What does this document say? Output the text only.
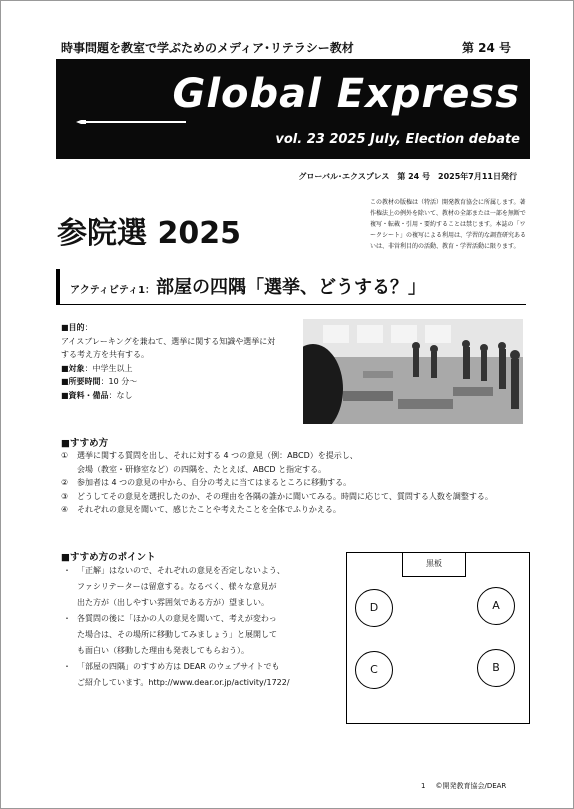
時事問題を教室で学ぶためのメディア･リテラシー教材	第 24 号
Global Express
vol. 23 2025 July, Election debate
グローバル･エクスプレス　第 24 号　2025年7月11日発行
参院選 2025
この教材の版権は（特活）開発教育協会に所属します。著作権法上の例外を除いて、教材の全部または一部を無断で複写・転載・引用・要約することは禁じます。本誌の「ワークシート」の複写による利用は、学習的な調査研究あるいは、非営利目的の活動、教育・学習活動に限ります。
アクティビティ1： 部屋の四隅「選挙、どうする？」
■目的：
アイスブレーキングを兼ねて、選挙に関する知識や選挙に対
する考え方を共有する。
■対象：中学生以上
■所要時間：10 分～
■資料・備品：なし
■すすめ方
① 選挙に関する質問を出し、それに対する 4 つの意見（例：ABCD）を提示し、
会場（教室・研修室など）の四隅を、たとえば、ABCD と指定する。
② 参加者は 4 つの意見の中から、自分の考えに当てはまるところに移動する。
③ どうしてその意見を選択したのか、その理由を各隅の誰かに聞いてみる。時間に応じて、質問する人数を調整する。
④ それぞれの意見を聞いて、感じたことや考えたことを全体でふりかえる。
■すすめ方のポイント
・ 「正解」はないので、それぞれの意見を否定しないよう、
ファシリテーターは留意する。なるべく、様々な意見が
出た方が（出しやすい雰囲気である方が）望ましい。
・ 各質問の後に「ほかの人の意見を聞いて、考えが変わっ
た場合は、その場所に移動してみましょう」と展開して
も面白い（移動した理由も発表してもらおう）。
・ 「部屋の四隅」のすすめ方は DEAR のウェブサイトでも
ご紹介しています。http://www.dear.or.jp/activity/1722/
黒板
D	A
C	B
1 ©開発教育協会/DEAR
